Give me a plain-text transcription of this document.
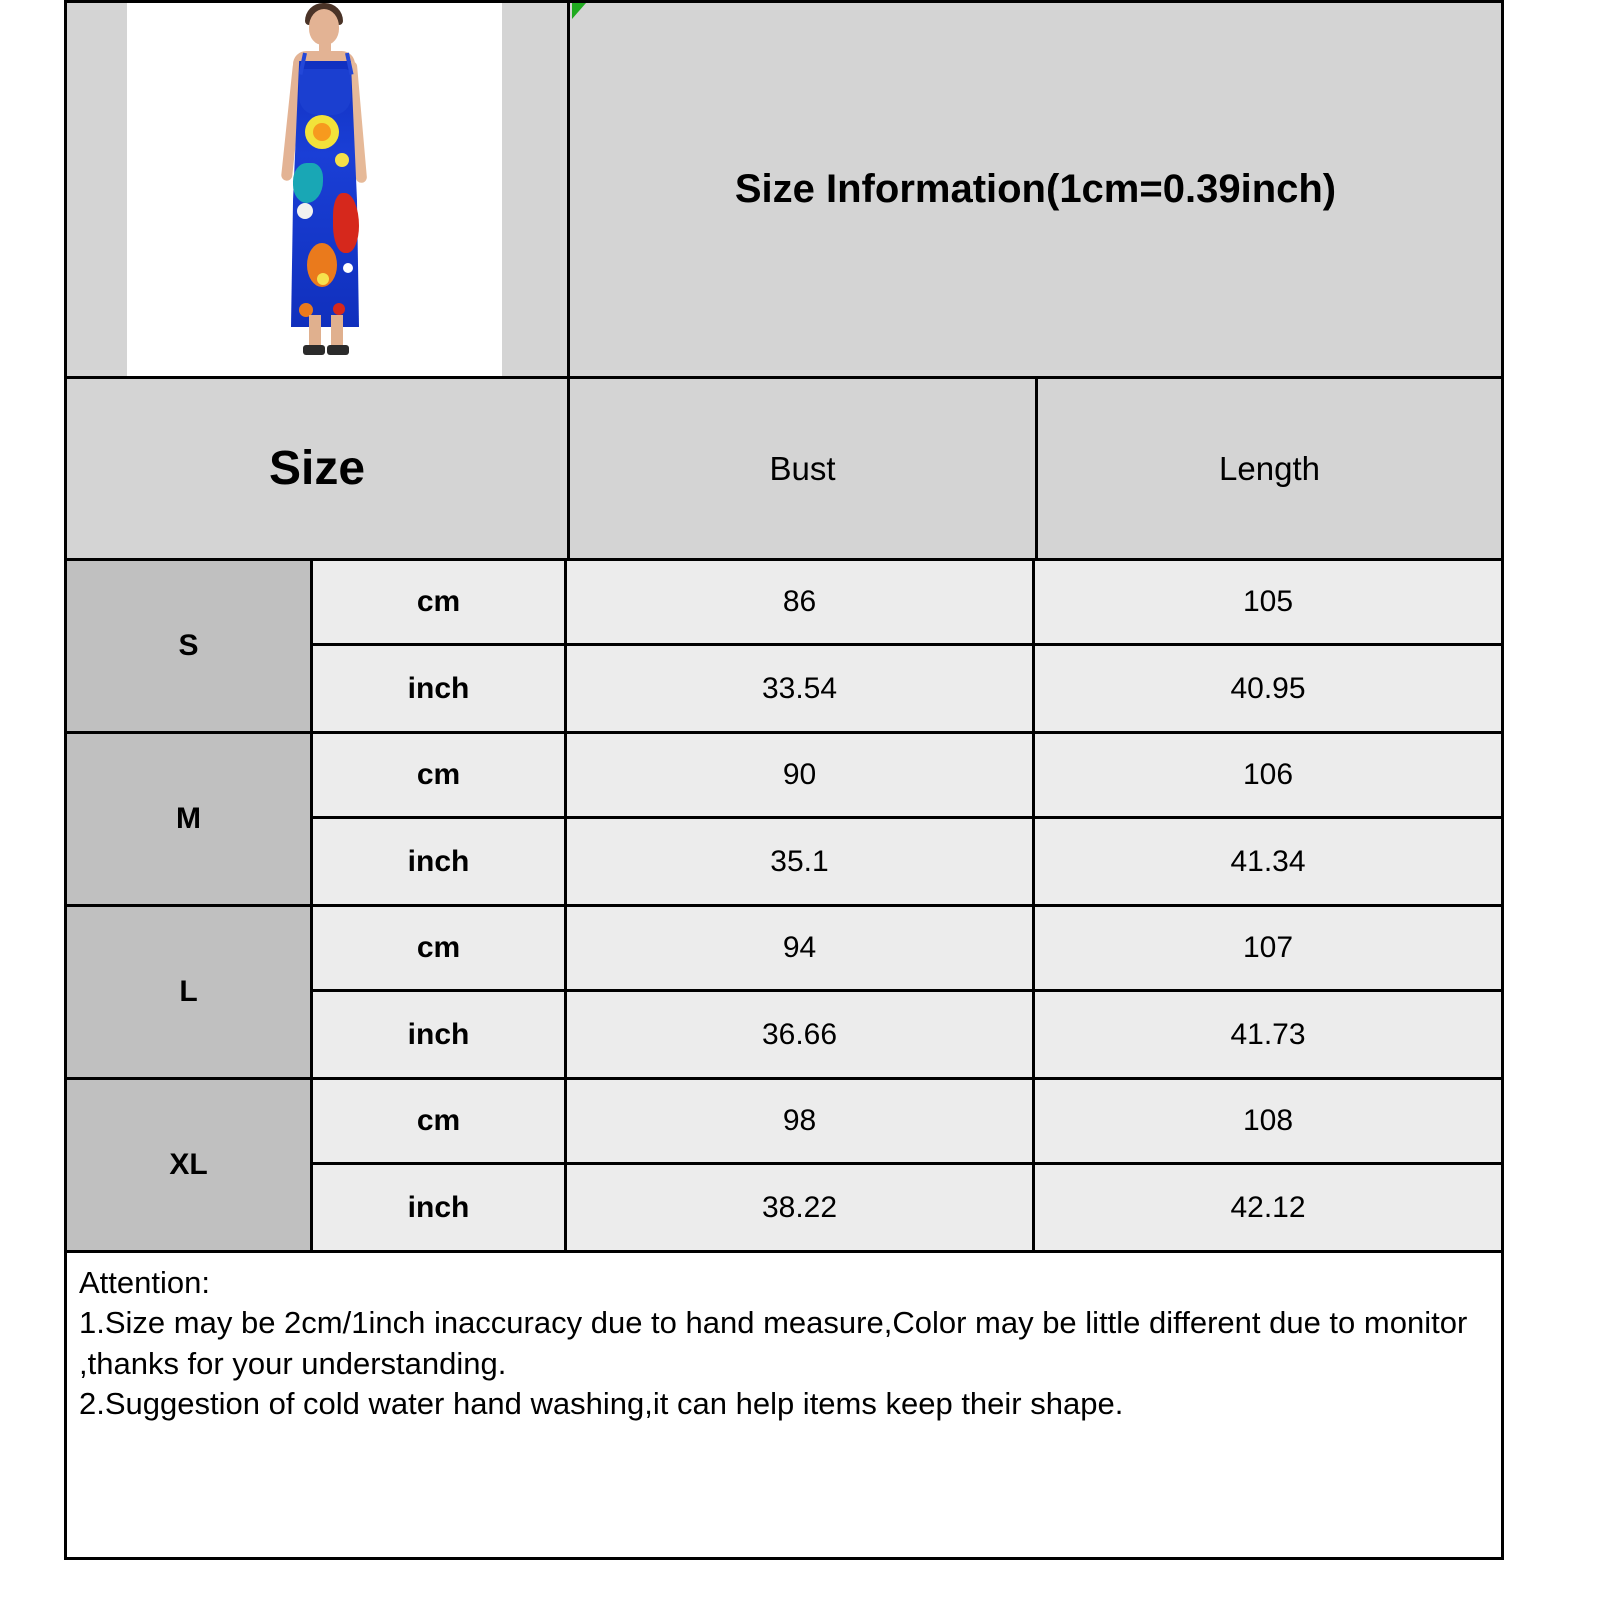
Size Information(1cm=0.39inch)
Size	Bust	Length
S
cm	86	105
inch	33.54	40.95
M
cm	90	106
inch	35.1	41.34
L
cm	94	107
inch	36.66	41.73
XL
cm	98	108
inch	38.22	42.12
Attention:
1.Size may be 2cm/1inch inaccuracy due to hand measure,Color may be little different due to monitor ,thanks for your understanding.
2.Suggestion of cold water hand washing,it can help items keep their shape.
